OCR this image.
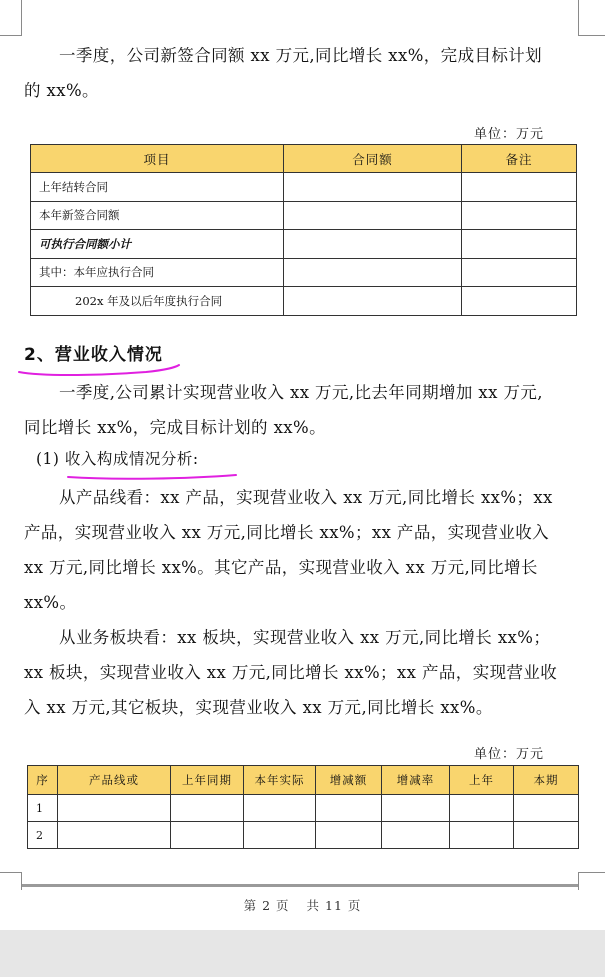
一季度，公司新签合同额 xx 万元,同比增长 xx%，完成目标计划
的 xx%。
单位：万元
项目	合同额	备注
上年结转合同		
本年新签合同额		
可执行合同额小计		
其中：本年应执行合同		
202x 年及以后年度执行合同		
2、营业收入情况
一季度,公司累计实现营业收入 xx 万元,比去年同期增加 xx 万元,
同比增长 xx%，完成目标计划的 xx%。
(1) 收入构成情况分析:
从产品线看：xx 产品，实现营业收入 xx 万元,同比增长 xx%；xx
产品，实现营业收入 xx 万元,同比增长 xx%；xx 产品，实现营业收入
xx 万元,同比增长 xx%。其它产品，实现营业收入 xx 万元,同比增长
xx%。
从业务板块看：xx 板块，实现营业收入 xx 万元,同比增长 xx%；
xx 板块，实现营业收入 xx 万元,同比增长 xx%；xx 产品，实现营业收
入 xx 万元,其它板块，实现营业收入 xx 万元,同比增长 xx%。
单位：万元
序	产品线或	上年同期	本年实际	增减额	增减率	上年	本期
1							
2							
第 2 页 共 11 页
